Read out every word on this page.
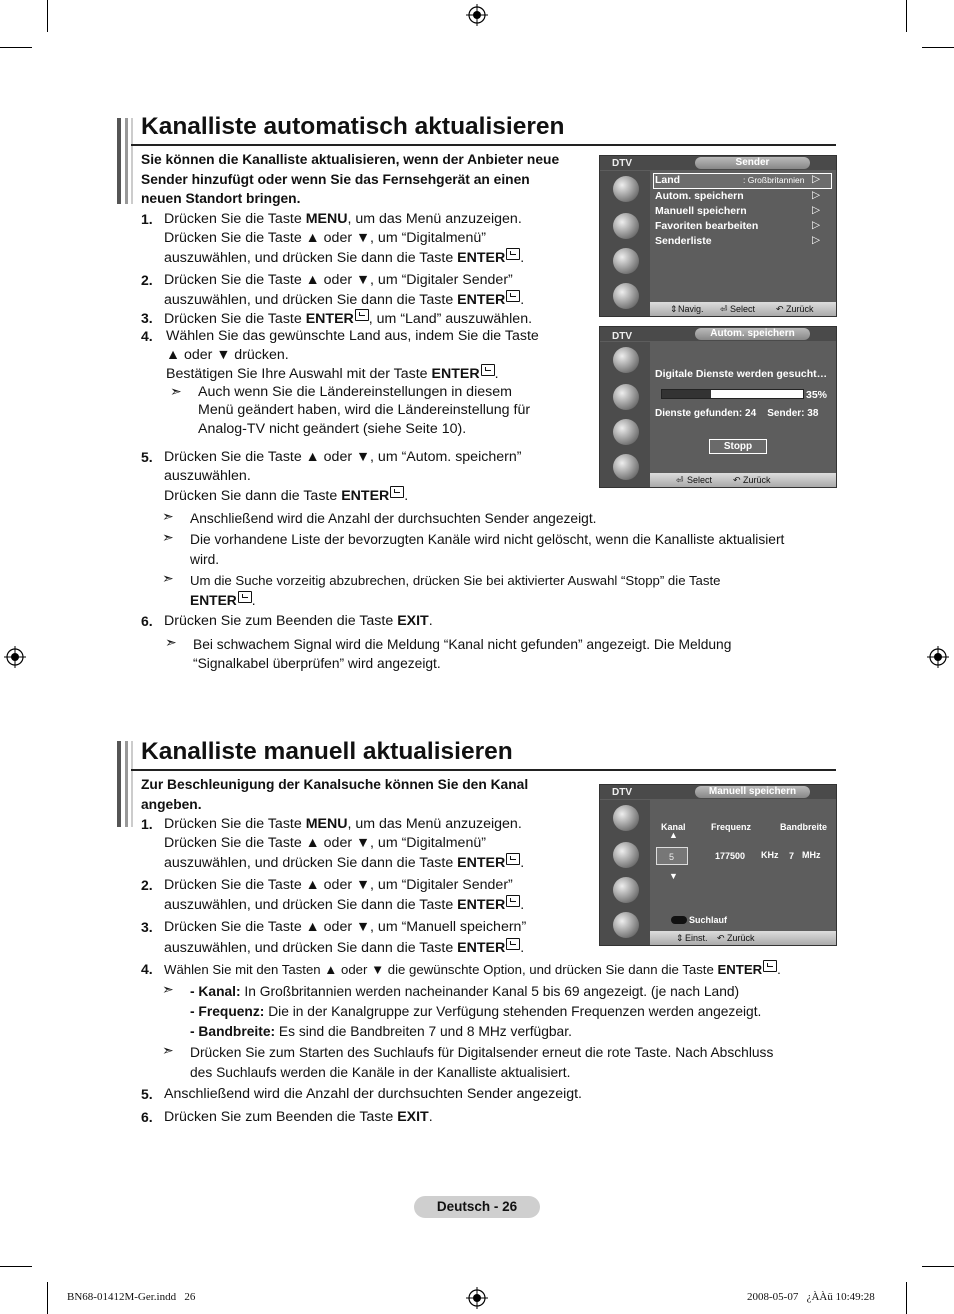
Kanalliste automatisch aktualisieren
Sie können die Kanalliste aktualisieren, wenn der Anbieter neue
Sender hinzufügt oder wenn Sie das Fernsehgerät an einen
neuen Standort bringen.
1. Drücken Sie die Taste MENU, um das Menü anzuzeigen.
Drücken Sie die Taste ▲ oder ▼, um “Digitalmenü”
auszuwählen, und drücken Sie dann die Taste ENTER .
2. Drücken Sie die Taste ▲ oder ▼, um “Digitaler Sender”
auszuwählen, und drücken Sie dann die Taste ENTER .
3. Drücken Sie die Taste ENTER , um “Land” auszuwählen.
4. Wählen Sie das gewünschte Land aus, indem Sie die Taste
▲ oder ▼ drücken.
Bestätigen Sie Ihre Auswahl mit der Taste ENTER .
➣ Auch wenn Sie die Ländereinstellungen in diesem
Menü geändert haben, wird die Ländereinstellung für
Analog-TV nicht geändert (siehe Seite 10).
5. Drücken Sie die Taste ▲ oder ▼, um “Autom. speichern”
auszuwählen.
Drücken Sie dann die Taste ENTER .
➣ Anschließend wird die Anzahl der durchsuchten Sender angezeigt.
➣ Die vorhandene Liste der bevorzugten Kanäle wird nicht gelöscht, wenn die Kanalliste aktualisiert
wird.
➣ Um die Suche vorzeitig abzubrechen, drücken Sie bei aktivierter Auswahl “Stopp” die Taste
ENTER .
6. Drücken Sie zum Beenden die Taste EXIT.
➣ Bei schwachem Signal wird die Meldung “Kanal nicht gefunden” angezeigt. Die Meldung
“Signalkabel überprüfen” wird angezeigt.
DTV	Sender
Land	: Großbritannien ▷
Autom. speichern	▷
Manuell speichern	▷
Favoriten bearbeiten	▷
Senderliste	▷
⇕ Navig. ⏎ Select ↶ Zurück
DTV	Autom. speichern
Digitale Dienste werden gesucht…
35%
Dienste gefunden: 24    Sender: 38
Stopp
⏎ Select ↶ Zurück
Kanalliste manuell aktualisieren
Zur Beschleunigung der Kanalsuche können Sie den Kanal
angeben.
1. Drücken Sie die Taste MENU, um das Menü anzuzeigen.
Drücken Sie die Taste ▲ oder ▼, um “Digitalmenü”
auszuwählen, und drücken Sie dann die Taste ENTER .
2. Drücken Sie die Taste ▲ oder ▼, um “Digitaler Sender”
auszuwählen, und drücken Sie dann die Taste ENTER .
3. Drücken Sie die Taste ▲ oder ▼, um “Manuell speichern”
auszuwählen, und drücken Sie dann die Taste ENTER .
4. Wählen Sie mit den Tasten ▲ oder ▼ die gewünschte Option, und drücken Sie dann die Taste ENTER .
➣ - Kanal: In Großbritannien werden nacheinander Kanal 5 bis 69 angezeigt. (je nach Land)
- Frequenz: Die in der Kanalgruppe zur Verfügung stehenden Frequenzen werden angezeigt.
- Bandbreite: Es sind die Bandbreiten 7 und 8 MHz verfügbar.
➣ Drücken Sie zum Starten des Suchlaufs für Digitalsender erneut die rote Taste. Nach Abschluss
des Suchlaufs werden die Kanäle in der Kanalliste aktualisiert.
5. Anschließend wird die Anzahl der durchsuchten Sender angezeigt.
6. Drücken Sie zum Beenden die Taste EXIT.
DTV	Manuell speichern
Kanal	Frequenz	Bandbreite
▲
5	177500 KHz 7 MHz
▼
Suchlauf
⇕ Einst. ↶ Zurück
Deutsch - 26
BN68-01412M-Ger.indd   26	2008-05-07   ¿ÀÀü 10:49:28
